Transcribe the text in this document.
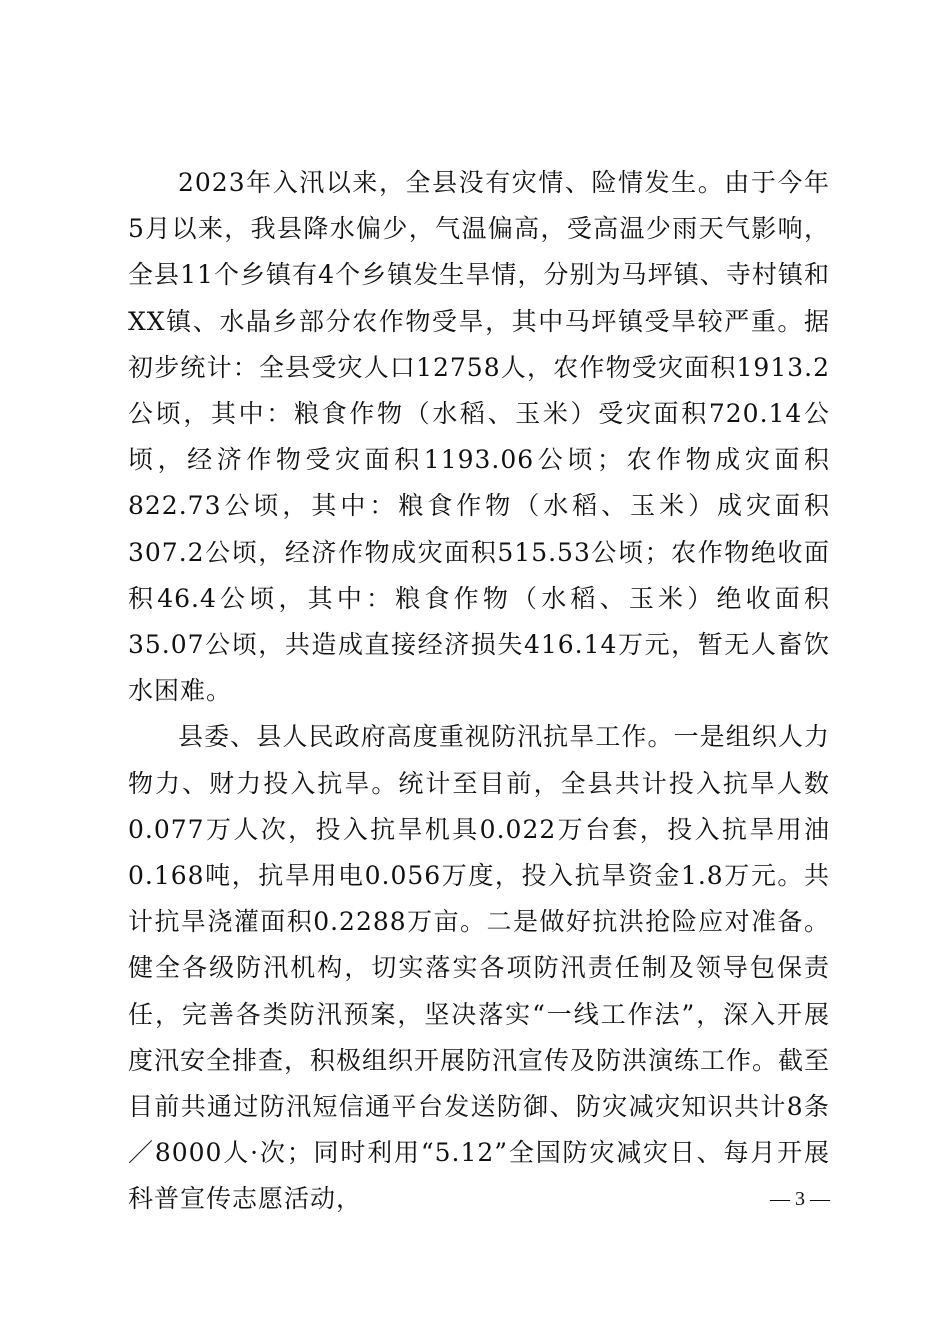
2023年入汛以来，全县没有灾情、险情发生。由于今年5月以来，我县降水偏少，气温偏高，受高温少雨天气影响，全县11个乡镇有4个乡镇发生旱情，分别为马坪镇、寺村镇和XX镇、水晶乡部分农作物受旱，其中马坪镇受旱较严重。据初步统计：全县受灾人口12758人，农作物受灾面积1913.2公顷，其中：粮食作物（水稻、玉米）受灾面积720.14公顷，经济作物受灾面积1193.06公顷；农作物成灾面积822.73公顷，其中：粮食作物（水稻、玉米）成灾面积307.2公顷，经济作物成灾面积515.53公顷；农作物绝收面积46.4公顷，其中：粮食作物（水稻、玉米）绝收面积35.07公顷，共造成直接经济损失416.14万元，暂无人畜饮水困难。

县委、县人民政府高度重视防汛抗旱工作。一是组织人力物力、财力投入抗旱。统计至目前，全县共计投入抗旱人数0.077万人次，投入抗旱机具0.022万台套，投入抗旱用油0.168吨，抗旱用电0.056万度，投入抗旱资金1.8万元。共计抗旱浇灌面积0.2288万亩。二是做好抗洪抢险应对准备。健全各级防汛机构，切实落实各项防汛责任制及领导包保责任，完善各类防汛预案，坚决落实“一线工作法”，深入开展度汛安全排查，积极组织开展防汛宣传及防洪演练工作。截至目前共通过防汛短信通平台发送防御、防灾减灾知识共计8条／8000人·次；同时利用“5.12”全国防灾减灾日、每月开展科普宣传志愿活动，	— 3 —
